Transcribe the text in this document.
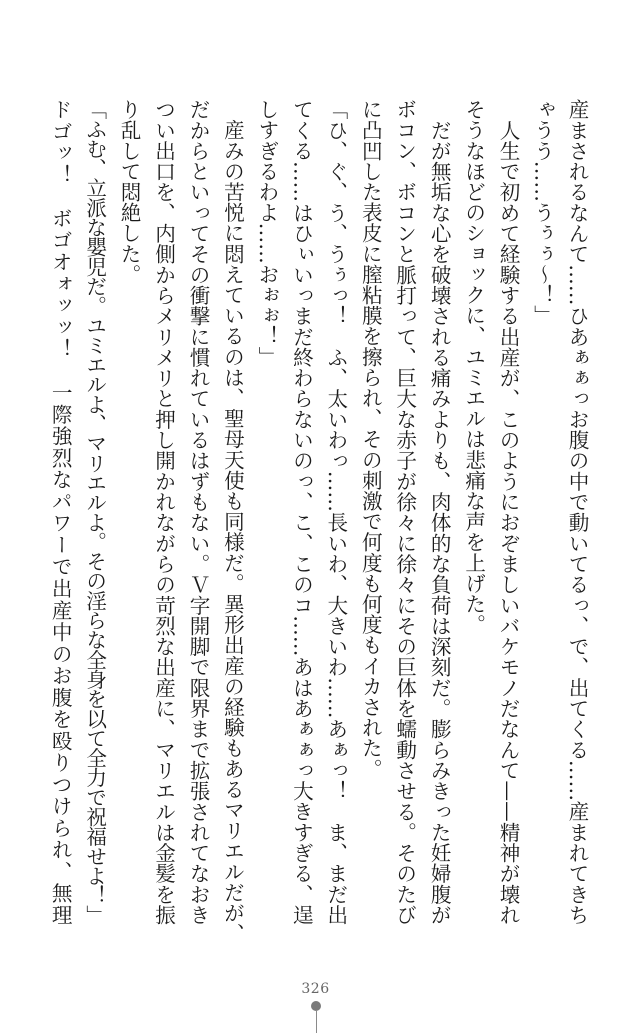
産まされるなんて……ひあぁぁっお腹の中で動いてるっ、で、出てくる……産まれてきち
ゃうう……うぅぅ～！」
　人生で初めて経験する出産が、このようにおぞましいバケモノだなんて——精神が壊れ
そうなほどのショックに、ユミエルは悲痛な声を上げた。
　だが無垢な心を破壊される痛みよりも、肉体的な負荷は深刻だ。膨らみきった妊婦腹が
ボコン、ボコンと脈打って、巨大な赤子が徐々に徐々にその巨体を蠕動させる。そのたび
に凸凹した表皮に膣粘膜を擦られ、その刺激で何度も何度もイカされた。
「ひ、ぐ、う、うぅっ！　ふ、太いわっ……長いわ、大きいわ……あぁっ！　ま、まだ出
てくる……はひぃいっまだ終わらないのっ、こ、このコ……あはあぁぁっ大きすぎる、逞
しすぎるわよ……おぉぉ！」
　産みの苦悦に悶えているのは、聖母天使も同様だ。異形出産の経験もあるマリエルだが、
だからといってその衝撃に慣れているはずもない。Ｖ字開脚で限界まで拡張されてなおき
つい出口を、内側からメリメリと押し開かれながらの苛烈な出産に、マリエルは金髪を振
り乱して悶絶した。
「ふむ、立派な嬰児だ。ユミエルよ、マリエルよ。その淫らな全身を以て全力で祝福せよ！」
ドゴッ！　ボゴオォッッ！　一際強烈なパワーで出産中のお腹を殴りつけられ、無理
326
